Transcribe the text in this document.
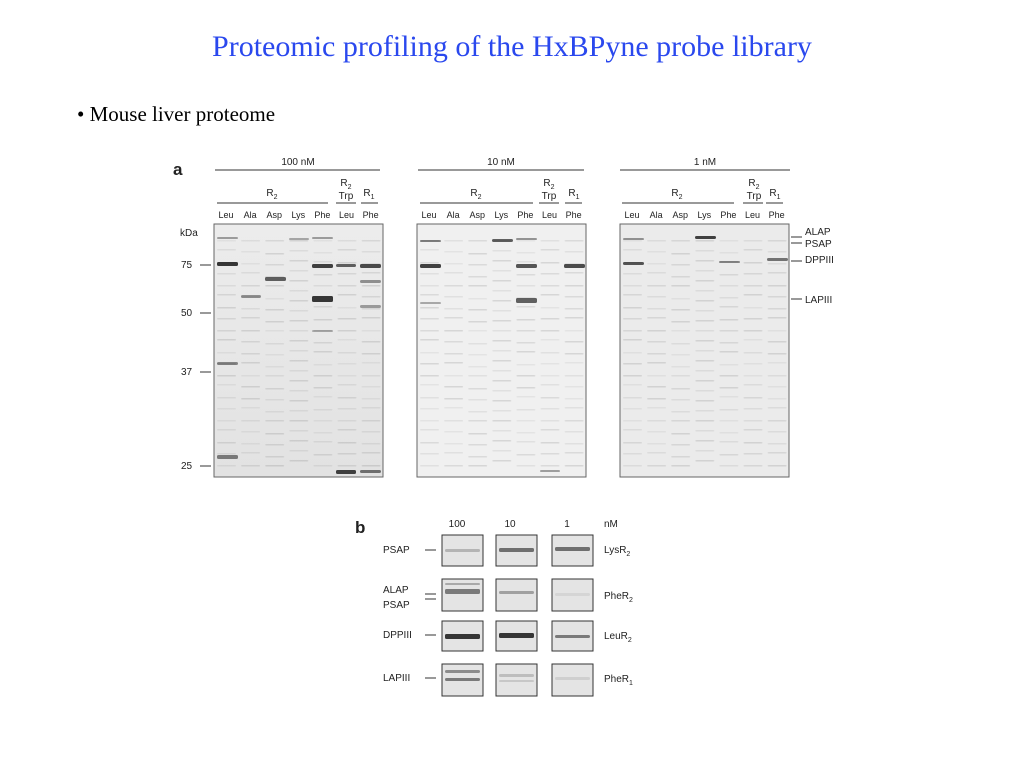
Proteomic profiling of the HxBPyne probe library
• Mouse liver proteome
a	100 nM
$R_2$
$R_2$
Trp $R_1$
Leu Ala Asp Lys Phe Leu Phe
10 nM
$R_2$
$R_2$
Trp $R_1$
Leu Ala Asp Lys Phe Leu Phe
1 nM
$R_2$
$R_2$
Trp $R_1$
Leu Ala Asp Lys Phe Leu Phe
kDa
75
50
37
25
ALAP
PSAP
DPPIII
LAPIII
b	100	10	1	nM
PSAP	LysR$_2$
ALAP
PSAP
PheR$_2$
DPPIII	LeuR$_2$
LAPIII	PheR$_1$
